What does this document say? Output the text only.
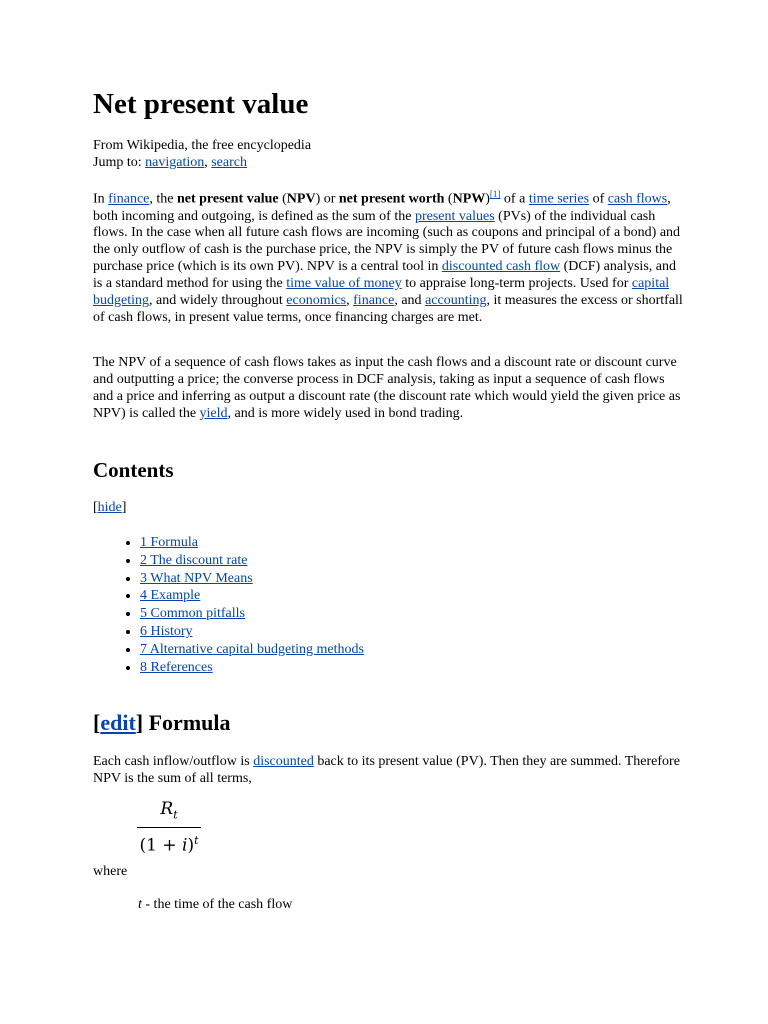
Net present value
From Wikipedia, the free encyclopedia
Jump to: navigation, search

In finance, the net present value (NPV) or net present worth (NPW)[1] of a time series of cash flows, both incoming and outgoing, is defined as the sum of the present values (PVs) of the individual cash flows. In the case when all future cash flows are incoming (such as coupons and principal of a bond) and the only outflow of cash is the purchase price, the NPV is simply the PV of future cash flows minus the purchase price (which is its own PV). NPV is a central tool in discounted cash flow (DCF) analysis, and is a standard method for using the time value of money to appraise long-term projects. Used for capital budgeting, and widely throughout economics, finance, and accounting, it measures the excess or shortfall of cash flows, in present value terms, once financing charges are met.

The NPV of a sequence of cash flows takes as input the cash flows and a discount rate or discount curve and outputting a price; the converse process in DCF analysis, taking as input a sequence of cash flows and a price and inferring as output a discount rate (the discount rate which would yield the given price as NPV) is called the yield, and is more widely used in bond trading.

Contents
[hide]
• 1 Formula
• 2 The discount rate
• 3 What NPV Means
• 4 Example
• 5 Common pitfalls
• 6 History
• 7 Alternative capital budgeting methods
• 8 References
[edit] Formula

Each cash inflow/outflow is discounted back to its present value (PV). Then they are summed. Therefore NPV is the sum of all terms,

$R_t$
$(1 + i)^t$
where
t - the time of the cash flow
